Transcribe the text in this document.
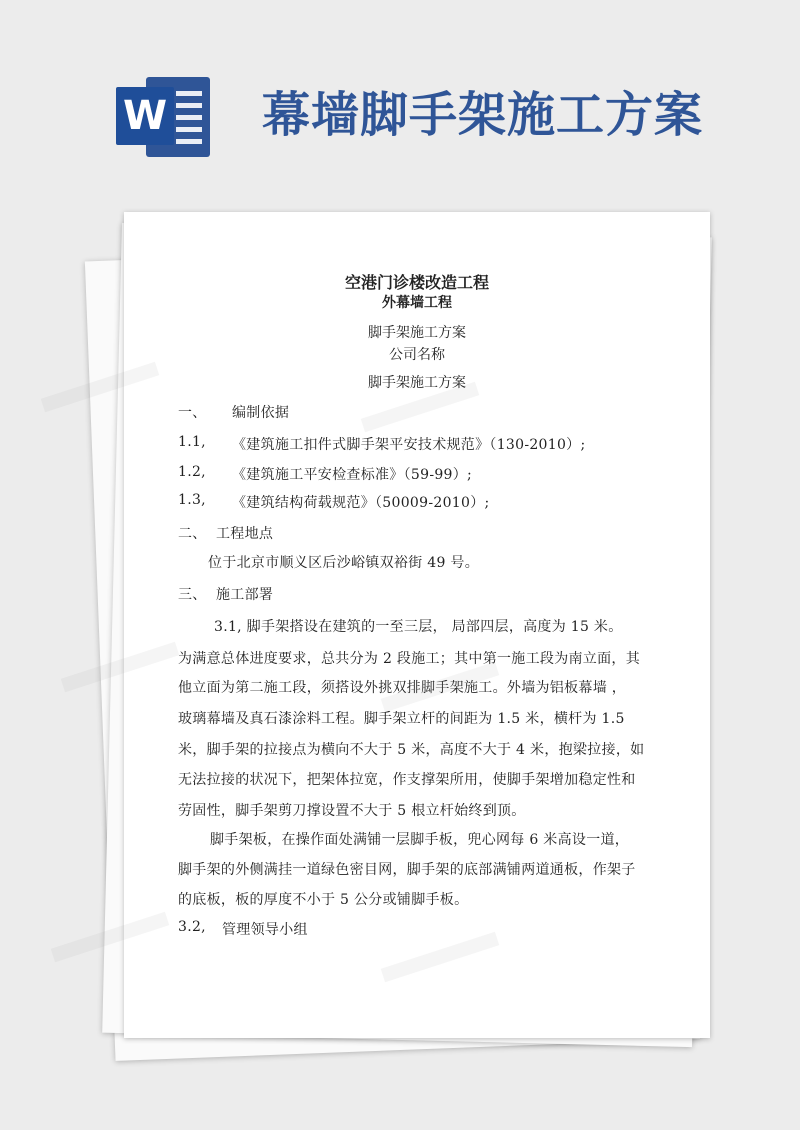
W 幕墙脚手架施工方案
空港门诊楼改造工程
外幕墙工程
脚手架施工方案
公司名称
脚手架施工方案
一、 编制依据
1.1, 《建筑施工扣件式脚手架平安技术规范》（130-2010）;
1.2, 《建筑施工平安检查标准》（59-99）;
1.3, 《建筑结构荷载规范》（50009-2010）;
二、 工程地点
位于北京市顺义区后沙峪镇双裕街 49 号。
三、 施工部署
3.1, 脚手架搭设在建筑的一至三层， 局部四层，高度为 15 米。
为满意总体进度要求，总共分为 2 段施工；其中第一施工段为南立面，其
他立面为第二施工段，须搭设外挑双排脚手架施工。外墙为铝板幕墙 ，
玻璃幕墙及真石漆涂料工程。脚手架立杆的间距为 1.5 米，横杆为 1.5
米，脚手架的拉接点为横向不大于 5 米，高度不大于 4 米，抱梁拉接，如
无法拉接的状况下，把架体拉宽，作支撑架所用，使脚手架增加稳定性和
劳固性，脚手架剪刀撑设置不大于 5 根立杆始终到顶。
脚手架板，在操作面处满铺一层脚手板，兜心网每 6 米高设一道，
脚手架的外侧满挂一道绿色密目网，脚手架的底部满铺两道通板，作架子
的底板，板的厚度不小于 5 公分或铺脚手板。
3.2, 管理领导小组
